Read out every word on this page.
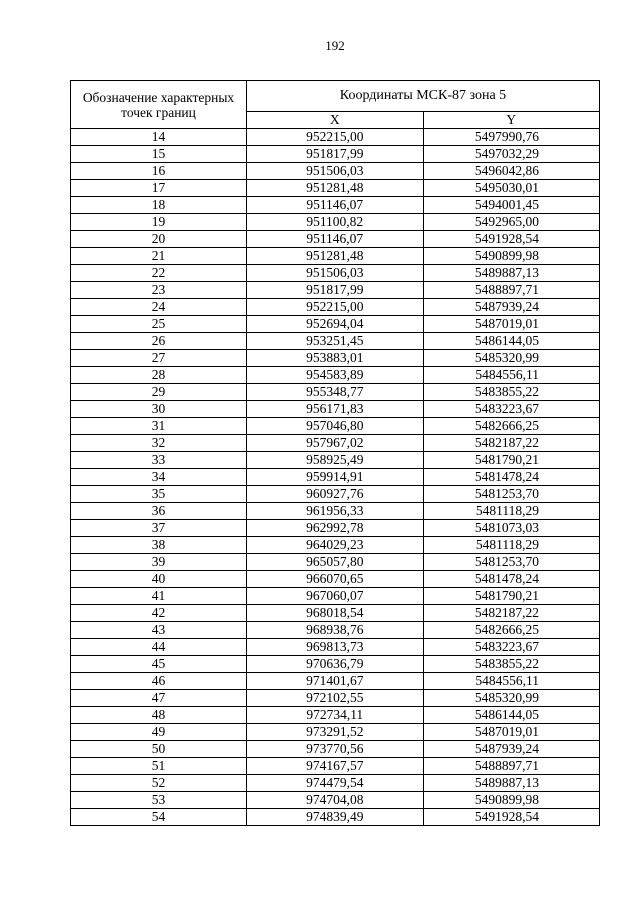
192
Обозначение характерных точек границ	Координаты МСК-87 зона 5	
	X	Y
14	952215,00	5497990,76
15	951817,99	5497032,29
16	951506,03	5496042,86
17	951281,48	5495030,01
18	951146,07	5494001,45
19	951100,82	5492965,00
20	951146,07	5491928,54
21	951281,48	5490899,98
22	951506,03	5489887,13
23	951817,99	5488897,71
24	952215,00	5487939,24
25	952694,04	5487019,01
26	953251,45	5486144,05
27	953883,01	5485320,99
28	954583,89	5484556,11
29	955348,77	5483855,22
30	956171,83	5483223,67
31	957046,80	5482666,25
32	957967,02	5482187,22
33	958925,49	5481790,21
34	959914,91	5481478,24
35	960927,76	5481253,70
36	961956,33	5481118,29
37	962992,78	5481073,03
38	964029,23	5481118,29
39	965057,80	5481253,70
40	966070,65	5481478,24
41	967060,07	5481790,21
42	968018,54	5482187,22
43	968938,76	5482666,25
44	969813,73	5483223,67
45	970636,79	5483855,22
46	971401,67	5484556,11
47	972102,55	5485320,99
48	972734,11	5486144,05
49	973291,52	5487019,01
50	973770,56	5487939,24
51	974167,57	5488897,71
52	974479,54	5489887,13
53	974704,08	5490899,98
54	974839,49	5491928,54
